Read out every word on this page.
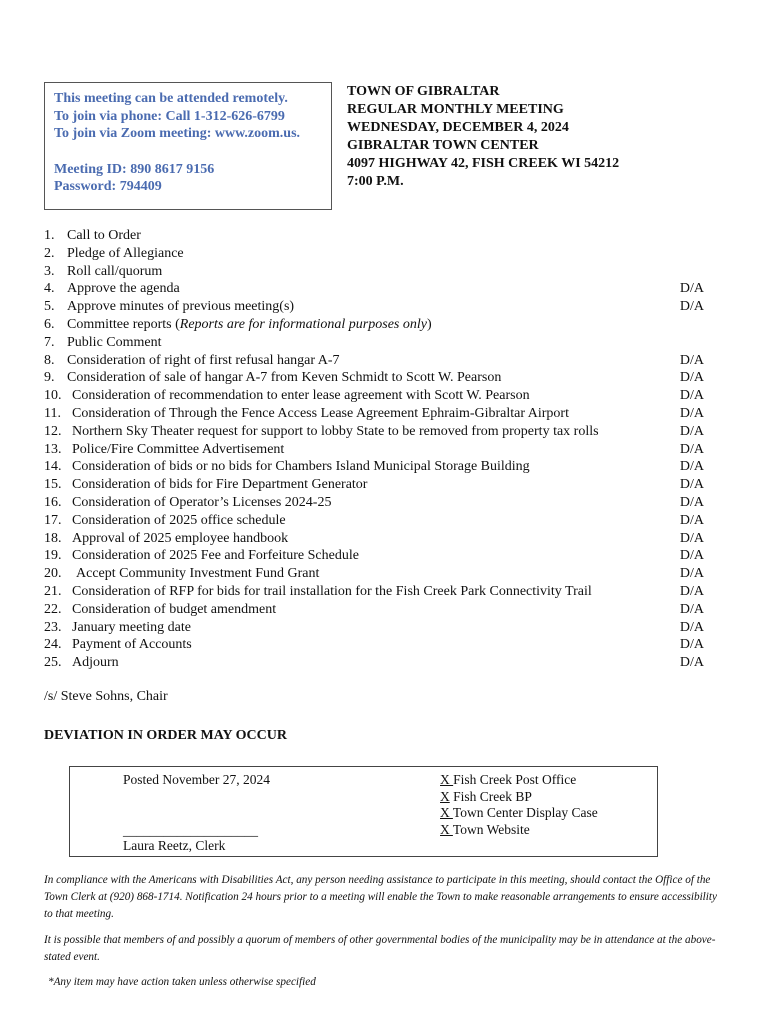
This meeting can be attended remotely.
To join via phone: Call 1-312-626-6799
To join via Zoom meeting: www.zoom.us.
Meeting ID: 890 8617 9156
Password: 794409
TOWN OF GIBRALTAR
REGULAR MONTHLY MEETING
WEDNESDAY, DECEMBER 4, 2024
GIBRALTAR TOWN CENTER
4097 HIGHWAY 42, FISH CREEK WI 54212
7:00 P.M.
1. Call to Order
2. Pledge of Allegiance
3. Roll call/quorum
4. Approve the agenda	D/A
5. Approve minutes of previous meeting(s)	D/A
6. Committee reports (Reports are for informational purposes only)
7. Public Comment
8. Consideration of right of first refusal hangar A-7	D/A
9. Consideration of sale of hangar A-7 from Keven Schmidt to Scott W. Pearson	D/A
10. Consideration of recommendation to enter lease agreement with Scott W. Pearson	D/A
11. Consideration of Through the Fence Access Lease Agreement Ephraim-Gibraltar Airport	D/A
12. Northern Sky Theater request for support to lobby State to be removed from property tax rolls	D/A
13. Police/Fire Committee Advertisement	D/A
14. Consideration of bids or no bids for Chambers Island Municipal Storage Building	D/A
15. Consideration of bids for Fire Department Generator	D/A
16. Consideration of Operator’s Licenses 2024-25	D/A
17. Consideration of 2025 office schedule	D/A
18. Approval of 2025 employee handbook	D/A
19. Consideration of 2025 Fee and Forfeiture Schedule	D/A
20. Accept Community Investment Fund Grant	D/A
21. Consideration of RFP for bids for trail installation for the Fish Creek Park Connectivity Trail	D/A
22. Consideration of budget amendment	D/A
23. January meeting date	D/A
24. Payment of Accounts	D/A
25. Adjourn	D/A
/s/ Steve Sohns, Chair
DEVIATION IN ORDER MAY OCCUR
Posted November 27, 2024
____________________
Laura Reetz, Clerk
X Fish Creek Post Office
X Fish Creek BP
X Town Center Display Case
X Town Website
In compliance with the Americans with Disabilities Act, any person needing assistance to participate in this meeting, should contact the Office of the Town Clerk at (920) 868-1714. Notification 24 hours prior to a meeting will enable the Town to make reasonable arrangements to ensure accessibility to that meeting.
It is possible that members of and possibly a quorum of members of other governmental bodies of the municipality may be in attendance at the above-stated event.
*Any item may have action taken unless otherwise specified
